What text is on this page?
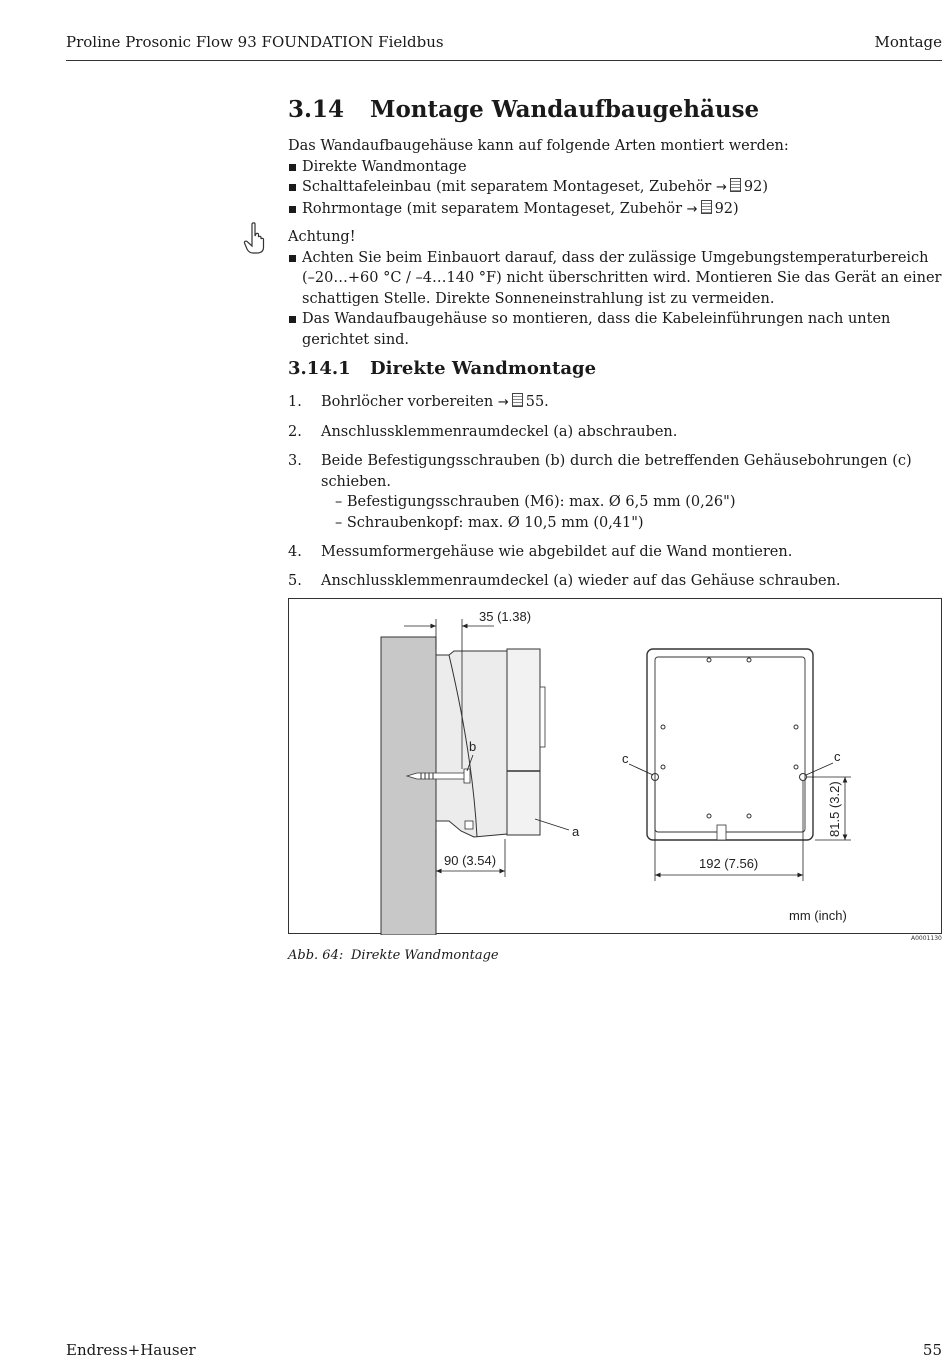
Proline Prosonic Flow 93 FOUNDATION Fieldbus	Montage
3.14 Montage Wandaufbaugehäuse
Das Wandaufbaugehäuse kann auf folgende Arten montiert werden:
Direkte Wandmontage
Schalttafeleinbau (mit separatem Montageset, Zubehör → 92)
Rohrmontage (mit separatem Montageset, Zubehör → 92)
Achtung!
Achten Sie beim Einbauort darauf, dass der zulässige Umgebungstemperaturbereich (–20…+60 °C / –4…140 °F) nicht überschritten wird. Montieren Sie das Gerät an einer schattigen Stelle. Direkte Sonneneinstrahlung ist zu vermeiden.
Das Wandaufbaugehäuse so montieren, dass die Kabeleinführungen nach unten gerichtet sind.
3.14.1 Direkte Wandmontage
1. Bohrlöcher vorbereiten → 55.
2. Anschlussklemmenraumdeckel (a) abschrauben.
3. Beide Befestigungsschrauben (b) durch die betreffenden Gehäusebohrungen (c) schieben.
– Befestigungsschrauben (M6): max. Ø 6,5 mm (0,26")
– Schraubenkopf: max. Ø 10,5 mm (0,41")
4. Messumformergehäuse wie abgebildet auf die Wand montieren.
5. Anschlussklemmenraumdeckel (a) wieder auf das Gehäuse schrauben.
35 (1.38)
90 (3.54)
b
a
c	c
192 (7.56)
81.5 (3.2)
mm (inch)
A0001130
Abb. 64: Direkte Wandmontage
Endress+Hauser	55
